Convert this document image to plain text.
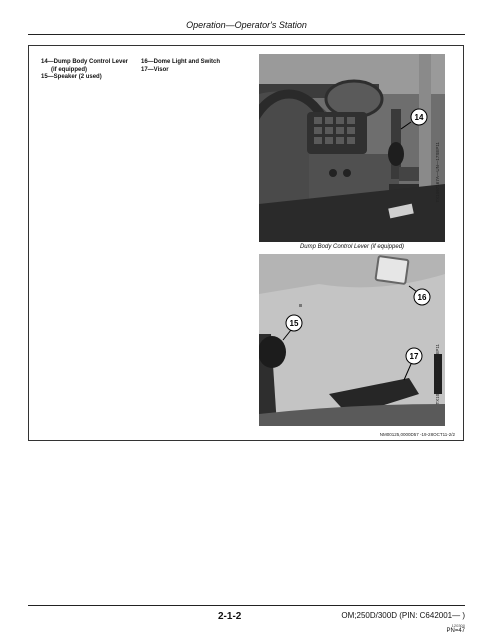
Operation—Operator's Station
14—Dump Body Control Lever
(if equipped)
15—Speaker (2 used)
16—Dome Light and Switch
17—Visor
14
TX1097167A—UN—17SEP11
Dump Body Control Lever (if equipped)
16
15
17	TX1097168A—UN—16SEP11
NM00125,0000D57 -19-28OCT11-2/2
2-1-2	OM;250D/300D (PIN: C642001— )
120300
PN=47
